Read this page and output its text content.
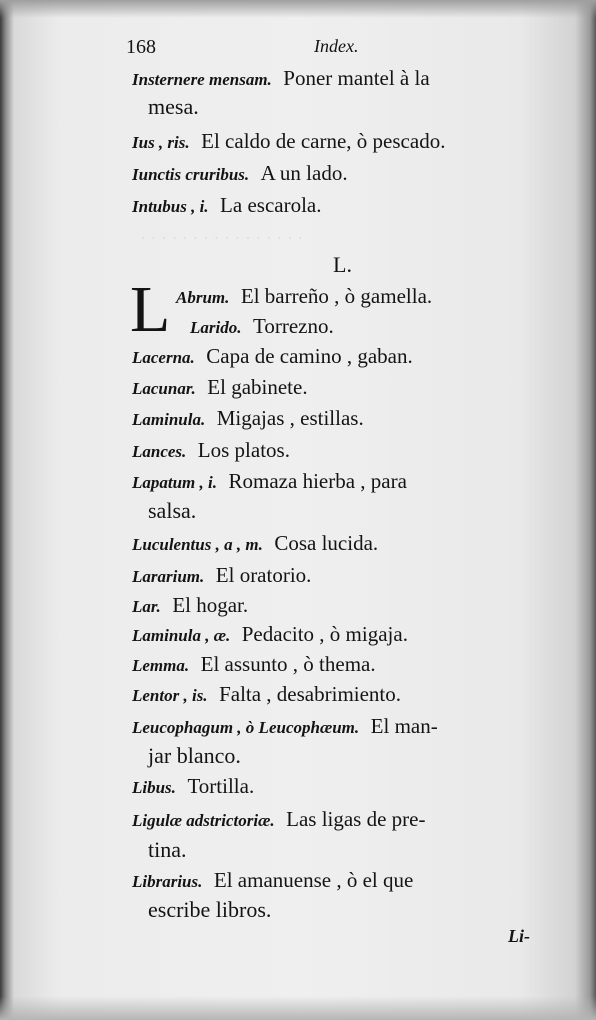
· · · · · · · · · · · · · · · ·
168	Index.
Insternere mensam. Poner mantel à la
mesa.
Ius , ris. El caldo de carne, ò pescado.
Iunctis cruribus. A un lado.
Intubus , i. La escarola.
L.
L Abrum. El barreño , ò gamella.
Larido. Torrezno.
Lacerna. Capa de camino , gaban.
Lacunar. El gabinete.
Laminula. Migajas , estillas.
Lances. Los platos.
Lapatum , i. Romaza hierba , para
salsa.
Luculentus , a , m. Cosa lucida.
Lararium. El oratorio.
Lar. El hogar.
Laminula , æ. Pedacito , ò migaja.
Lemma. El assunto , ò thema.
Lentor , is. Falta , desabrimiento.
Leucophagum , ò Leucophæum. El man-
jar blanco.
Libus. Tortilla.
Ligulæ adstrictoriæ. Las ligas de pre-
tina.
Librarius. El amanuense , ò el que
escribe libros.
Li-
